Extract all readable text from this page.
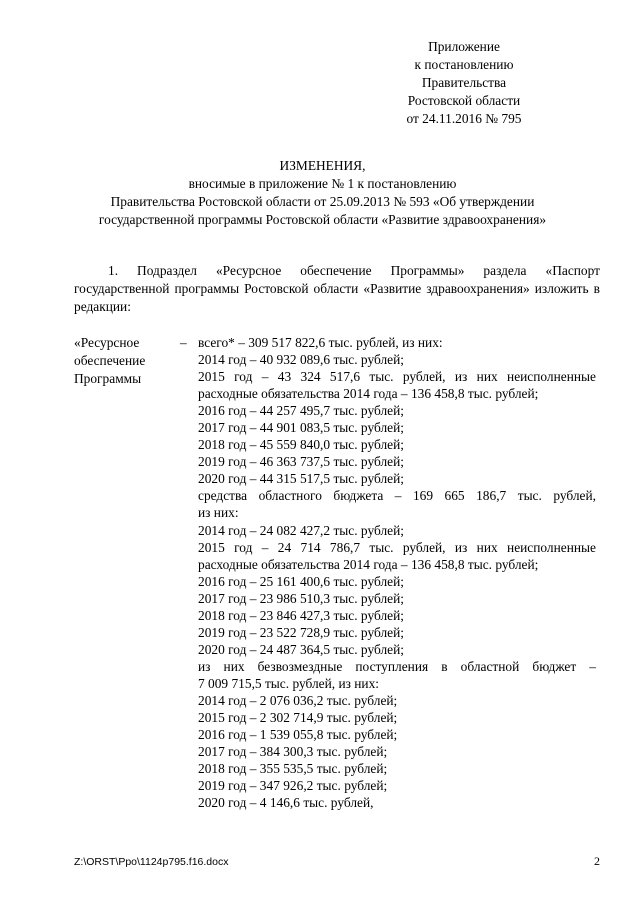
Приложение
к постановлению
Правительства
Ростовской области
от 24.11.2016 № 795
ИЗМЕНЕНИЯ,
вносимые в приложение № 1 к постановлению
Правительства Ростовской области от 25.09.2013 № 593 «Об утверждении
государственной программы Ростовской области «Развитие здравоохранения»
1. Подраздел «Ресурсное обеспечение Программы» раздела «Паспорт государственной программы Ростовской области «Развитие здравоохранения» изложить в редакции:
«Ресурсное
обеспечение
Программы
– всего* – 309 517 822,6 тыс. рублей, из них:
2014 год – 40 932 089,6 тыс. рублей;
2015 год – 43 324 517,6 тыс. рублей, из них неисполненные
расходные обязательства 2014 года – 136 458,8 тыс. рублей;
2016 год – 44 257 495,7 тыс. рублей;
2017 год – 44 901 083,5 тыс. рублей;
2018 год – 45 559 840,0 тыс. рублей;
2019 год – 46 363 737,5 тыс. рублей;
2020 год – 44 315 517,5 тыс. рублей;
средства областного бюджета – 169 665 186,7 тыс. рублей,
из них:
2014 год – 24 082 427,2 тыс. рублей;
2015 год – 24 714 786,7 тыс. рублей, из них неисполненные
расходные обязательства 2014 года – 136 458,8 тыс. рублей;
2016 год – 25 161 400,6 тыс. рублей;
2017 год – 23 986 510,3 тыс. рублей;
2018 год – 23 846 427,3 тыс. рублей;
2019 год – 23 522 728,9 тыс. рублей;
2020 год – 24 487 364,5 тыс. рублей;
из них безвозмездные поступления в областной бюджет –
7 009 715,5 тыс. рублей, из них:
2014 год – 2 076 036,2 тыс. рублей;
2015 год – 2 302 714,9 тыс. рублей;
2016 год – 1 539 055,8 тыс. рублей;
2017 год – 384 300,3 тыс. рублей;
2018 год – 355 535,5 тыс. рублей;
2019 год – 347 926,2 тыс. рублей;
2020 год – 4 146,6 тыс. рублей,
Z:\ORST\Ppo\1124p795.f16.docx	2
